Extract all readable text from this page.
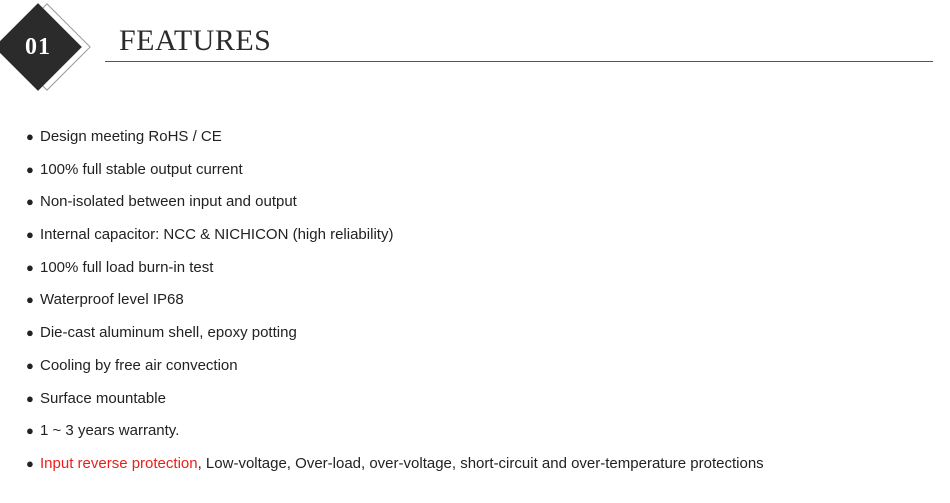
01	FEATURES
● Design meeting RoHS / CE
● 100% full stable output current
● Non-isolated between input and output
● Internal capacitor: NCC & NICHICON (high reliability)
● 100% full load burn-in test
● Waterproof level IP68
● Die-cast aluminum shell, epoxy potting
● Cooling by free air convection
● Surface mountable
● 1 ~ 3 years warranty.
● Input reverse protection, Low-voltage, Over-load, over-voltage, short-circuit and over-temperature protections
